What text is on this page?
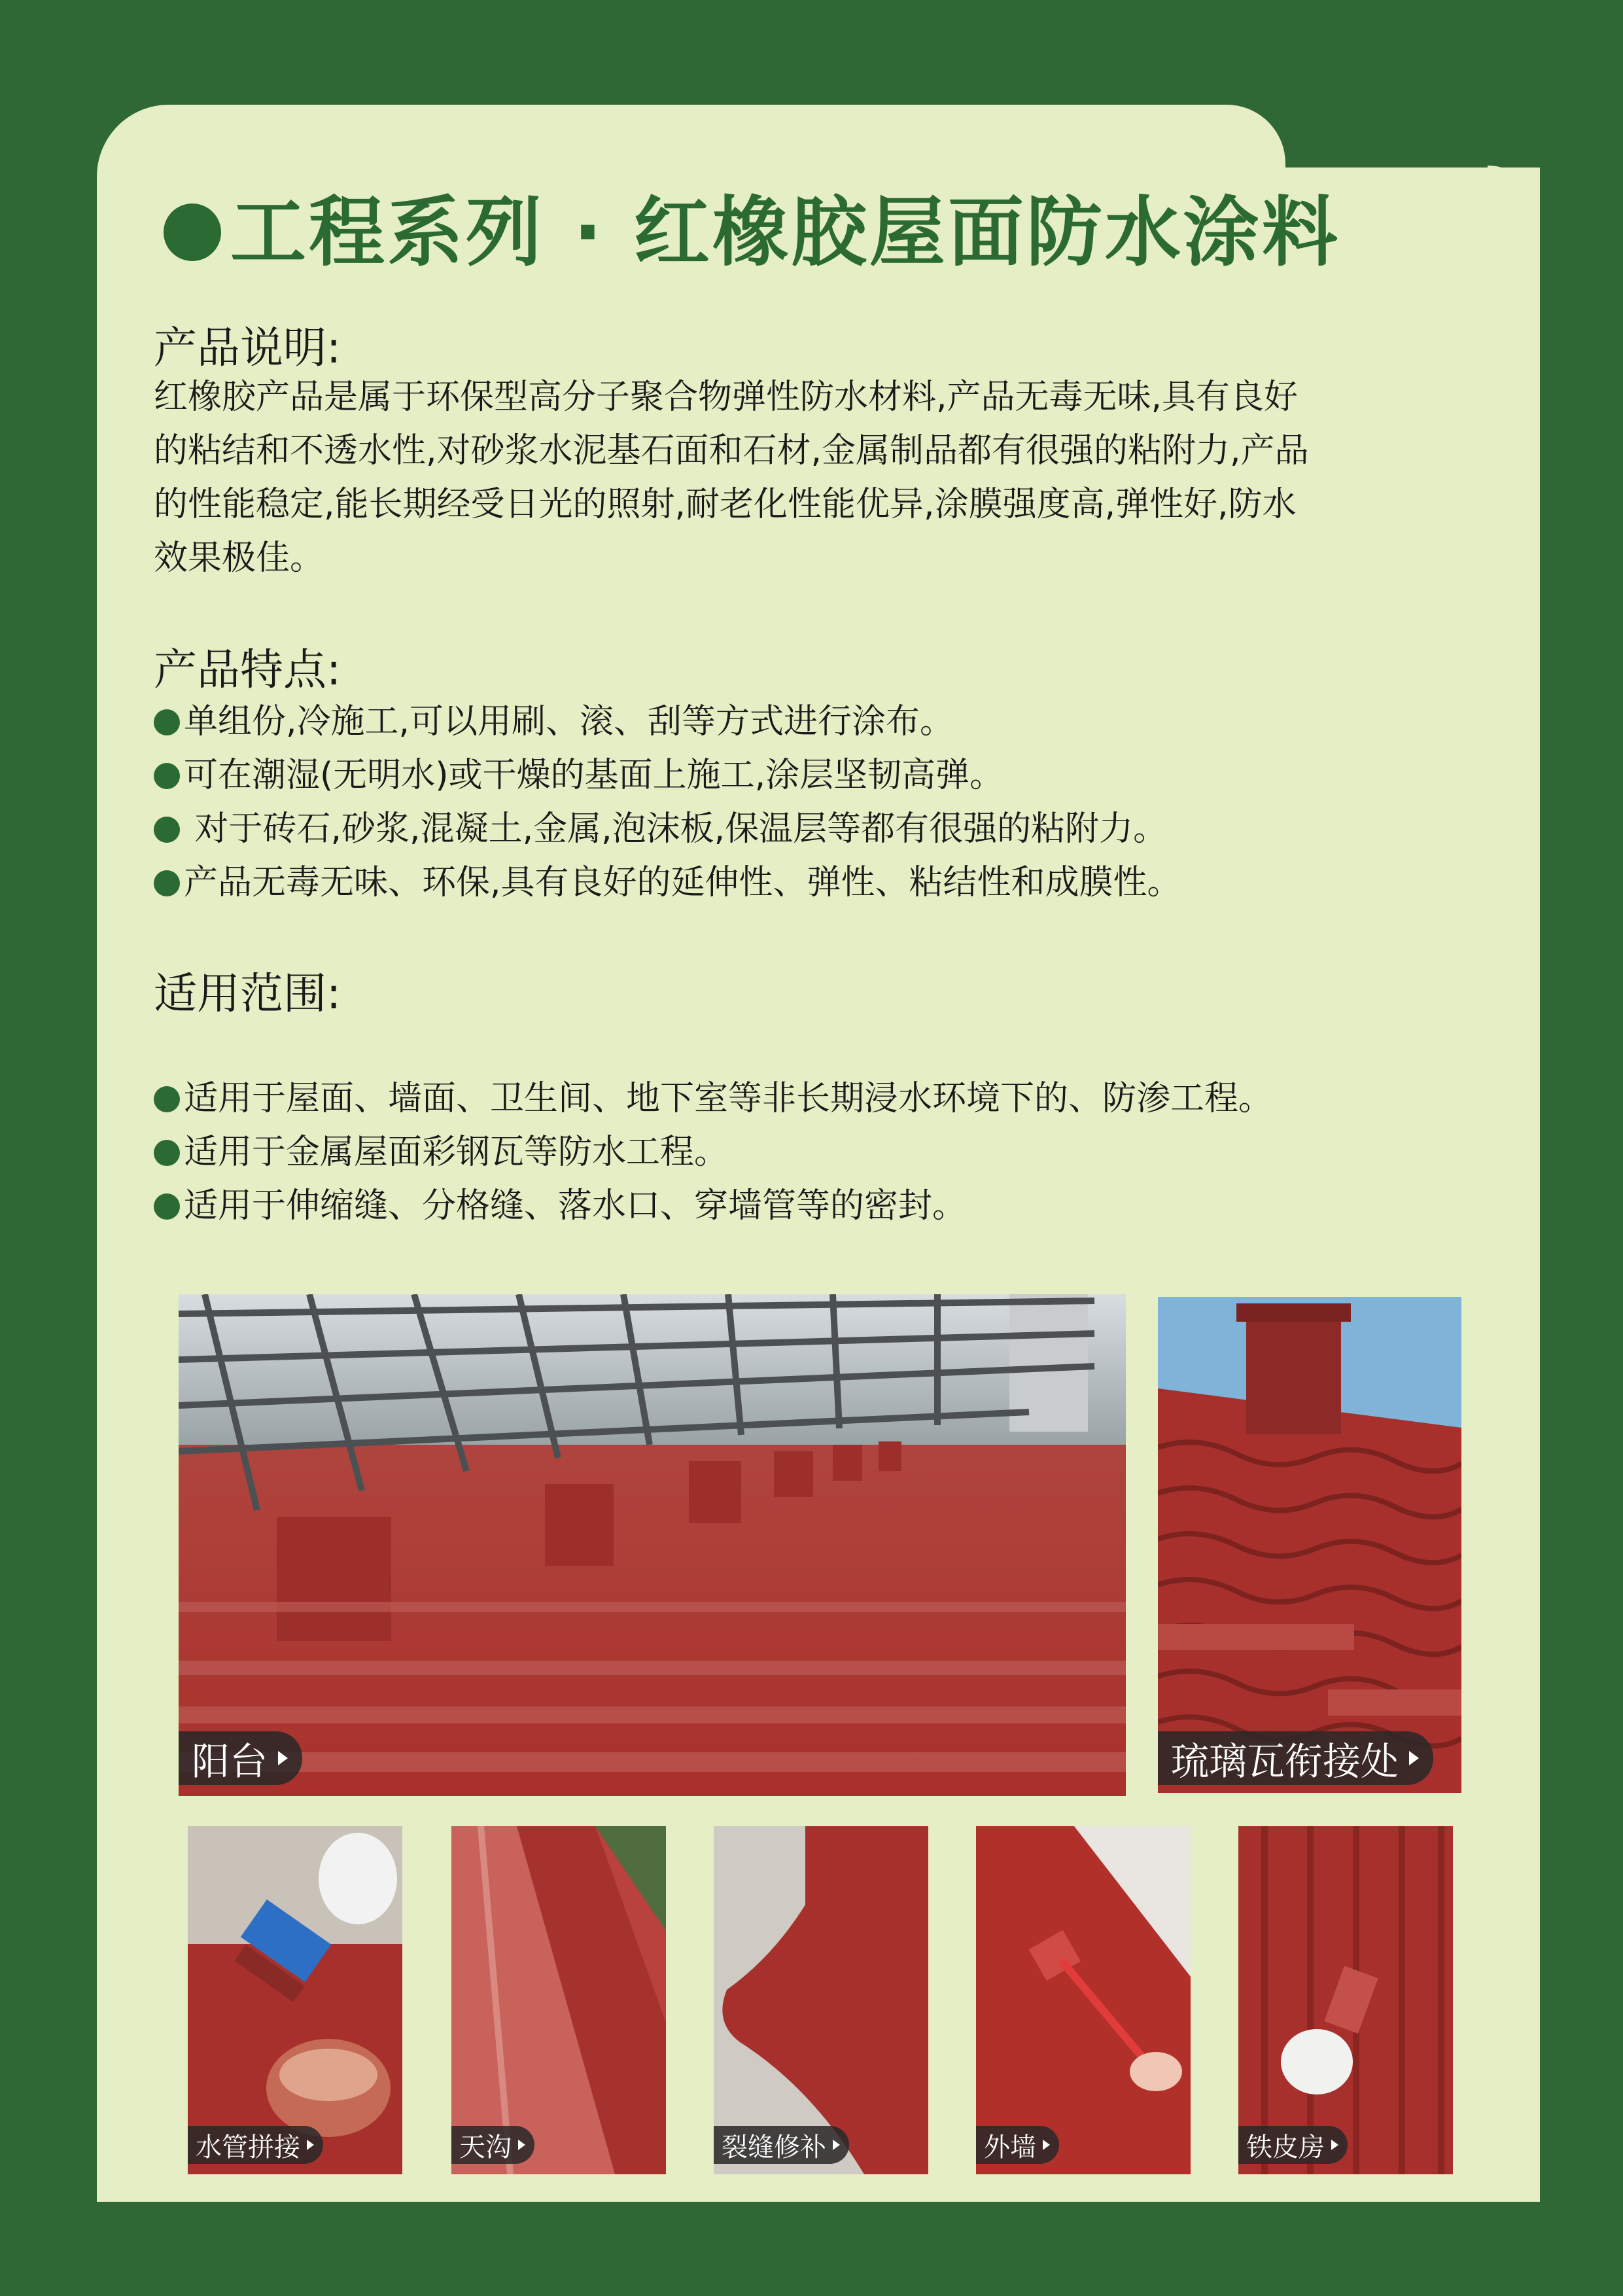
工程系列 · 红橡胶屋面防水涂料
产品说明:
红橡胶产品是属于环保型高分子聚合物弹性防水材料,产品无毒无味,具有良好
的粘结和不透水性,对砂浆水泥基石面和石材,金属制品都有很强的粘附力,产品
的性能稳定,能长期经受日光的照射,耐老化性能优异,涂膜强度高,弹性好,防水
效果极佳。
产品特点:
单组份,冷施工,可以用刷、滚、刮等方式进行涂布。
可在潮湿(无明水)或干燥的基面上施工,涂层坚韧高弹。
对于砖石,砂浆,混凝土,金属,泡沫板,保温层等都有很强的粘附力。
产品无毒无味、环保,具有良好的延伸性、弹性、粘结性和成膜性。
适用范围:
适用于屋面、墙面、卫生间、地下室等非长期浸水环境下的、防渗工程。
适用于金属屋面彩钢瓦等防水工程。
适用于伸缩缝、分格缝、落水口、穿墙管等的密封。
阳台	琉璃瓦衔接处
水管拼接	天沟	裂缝修补	外墙	铁皮房
